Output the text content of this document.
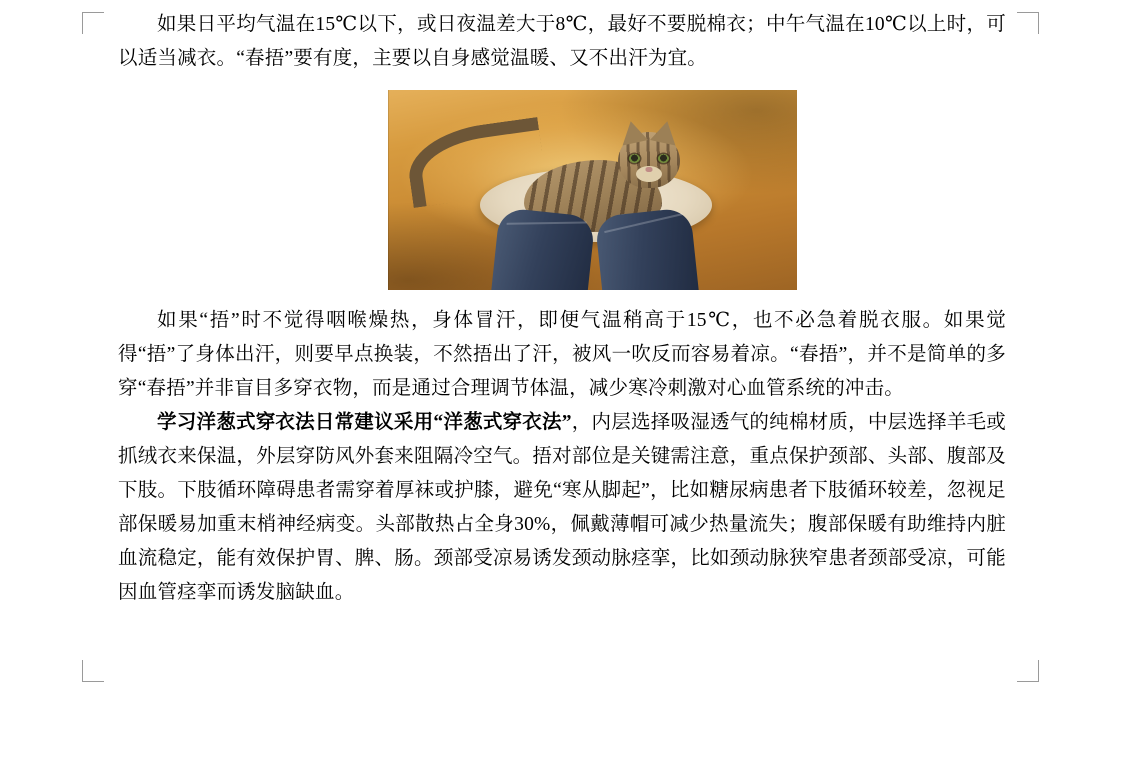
如果日平均气温在15℃以下，或日夜温差大于8℃，最好不要脱棉衣；中午气温在10℃以上时，可以适当减衣。“春捂”要有度，主要以自身感觉温暖、又不出汗为宜。

如果“捂”时不觉得咽喉燥热，身体冒汗，即便气温稍高于15℃，也不必急着脱衣服。如果觉得“捂”了身体出汗，则要早点换装，不然捂出了汗，被风一吹反而容易着凉。“春捂”，并不是简单的多穿“春捂”并非盲目多穿衣物，而是通过合理调节体温，减少寒冷刺激对心血管系统的冲击。

学习洋葱式穿衣法日常建议采用“洋葱式穿衣法”，内层选择吸湿透气的纯棉材质，中层选择羊毛或抓绒衣来保温，外层穿防风外套来阻隔冷空气。捂对部位是关键需注意，重点保护颈部、头部、腹部及下肢。下肢循环障碍患者需穿着厚袜或护膝，避免“寒从脚起”，比如糖尿病患者下肢循环较差，忽视足部保暖易加重末梢神经病变。头部散热占全身30%，佩戴薄帽可减少热量流失；腹部保暖有助维持内脏血流稳定，能有效保护胃、脾、肠。颈部受凉易诱发颈动脉痉挛，比如颈动脉狭窄患者颈部受凉，可能因血管痉挛而诱发脑缺血。
